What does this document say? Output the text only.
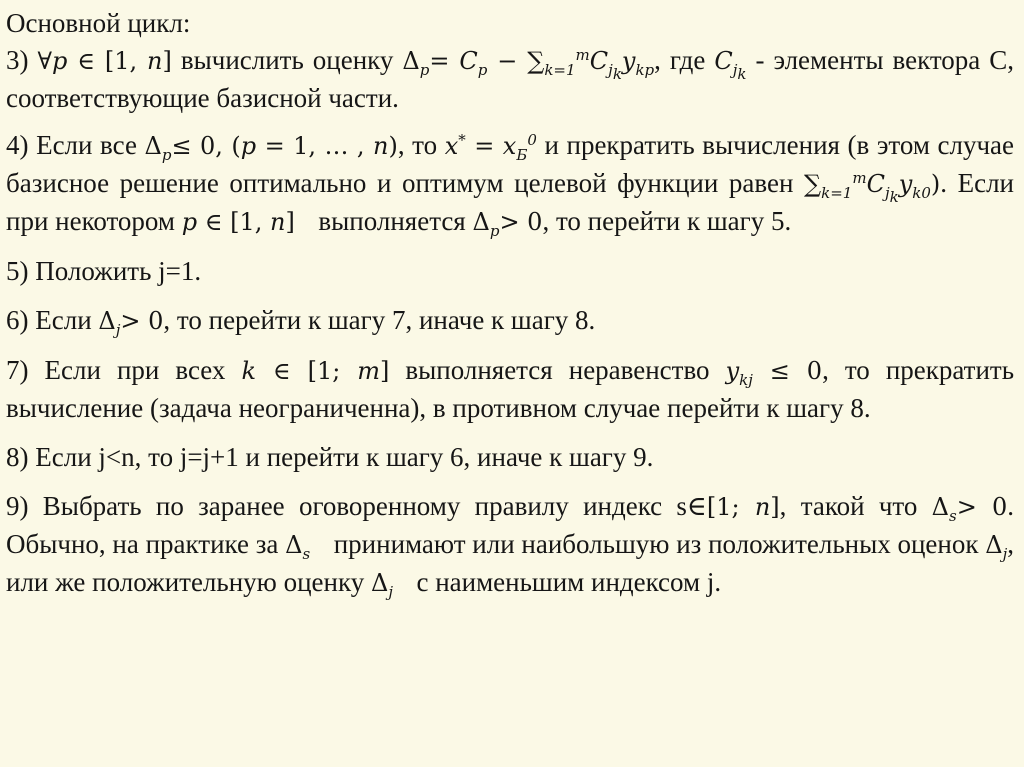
Основной цикл:
3) ∀p ∈ [1, n] вычислить оценку $\Delta_p= C_p - \sum_{k=1}^mC_{j_k}y_{kp}$, где $C_{j_k}$ - элементы вектора С, соответствующие базисной части.
4) Если все $\Delta_p\le 0$, (p = 1, … , n), то $x^* = x_Б^0$ и прекратить вычисления (в этом случае базисное решение оптимально и оптимум целевой функции равен $\sum_{k=1}^mC_{j_k}y_{k0}$). Если при некотором p ∈ [1, n] выполняется $\Delta_p> 0$, то перейти к шагу 5.
5) Положить j=1.
6) Если $\Delta_j> 0$, то перейти к шагу 7, иначе к шагу 8.
7) Если при всех k ∈ [1; m] выполняется неравенство $y_{kj} \le 0$, то прекратить вычисление (задача неограниченна), в противном случае перейти к шагу 8.
8) Если j<n, то j=j+1 и перейти к шагу 6, иначе к шагу 9.
9) Выбрать по заранее оговоренному правилу индекс s∈[1; n], такой что $\Delta_s> 0$. Обычно, на практике за $\Delta_s$ принимают или наибольшую из положительных оценок $\Delta_j$, или же положительную оценку $\Delta_j$ с наименьшим индексом j.
